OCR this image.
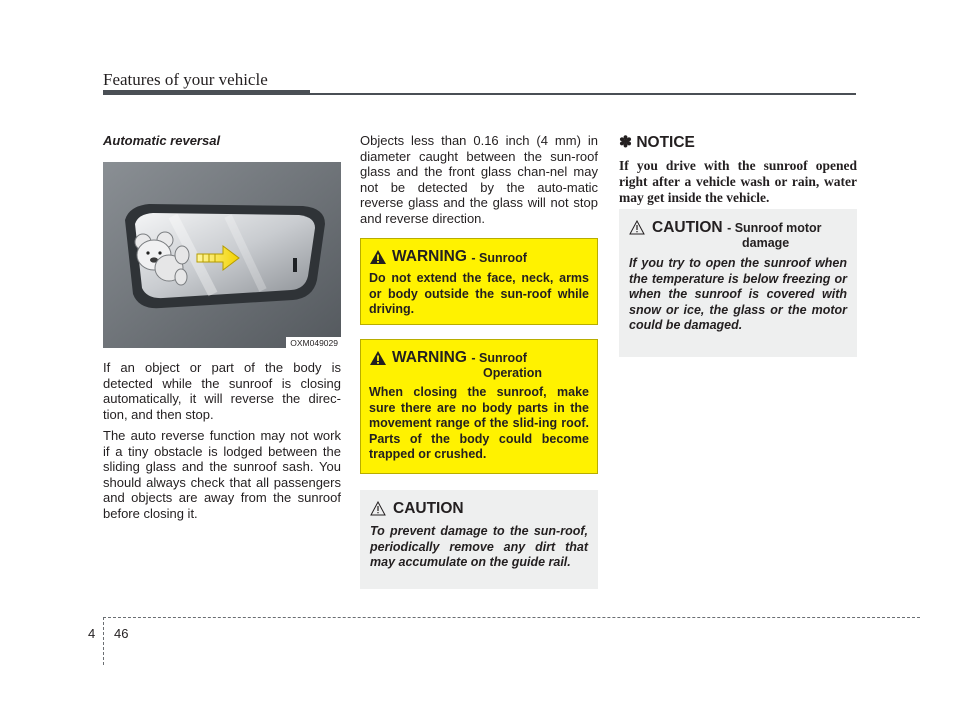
Features of your vehicle
Automatic reversal
OXM049029

If an object or part of the body is detected while the sunroof is closing automatically, it will reverse the direc-tion, and then stop.

The auto reverse function may not work if a tiny obstacle is lodged between the sliding glass and the sunroof sash. You should always check that all passengers and objects are away from the sunroof before closing it.

Objects less than 0.16 inch (4 mm) in diameter caught between the sun-roof glass and the front glass chan-nel may not be detected by the auto-matic reverse glass and the glass will not stop and reverse direction.
WARNING
- Sunroof
Do not extend the face, neck, arms or body outside the sun-roof while driving.
WARNING - Sunroof
Operation
When closing the sunroof, make sure there are no body parts in the movement range of the slid-ing roof. Parts of the body could become trapped or crushed.
CAUTION
To prevent damage to the sun-roof, periodically remove any dirt that may accumulate on the guide rail.
✽ NOTICE
If you drive with the sunroof opened right after a vehicle wash or rain, water may get inside the vehicle.
CAUTION - Sunroof motor
damage
If you try to open the sunroof when the temperature is below freezing or when the sunroof is covered with snow or ice, the glass or the motor could be damaged.
4 46
